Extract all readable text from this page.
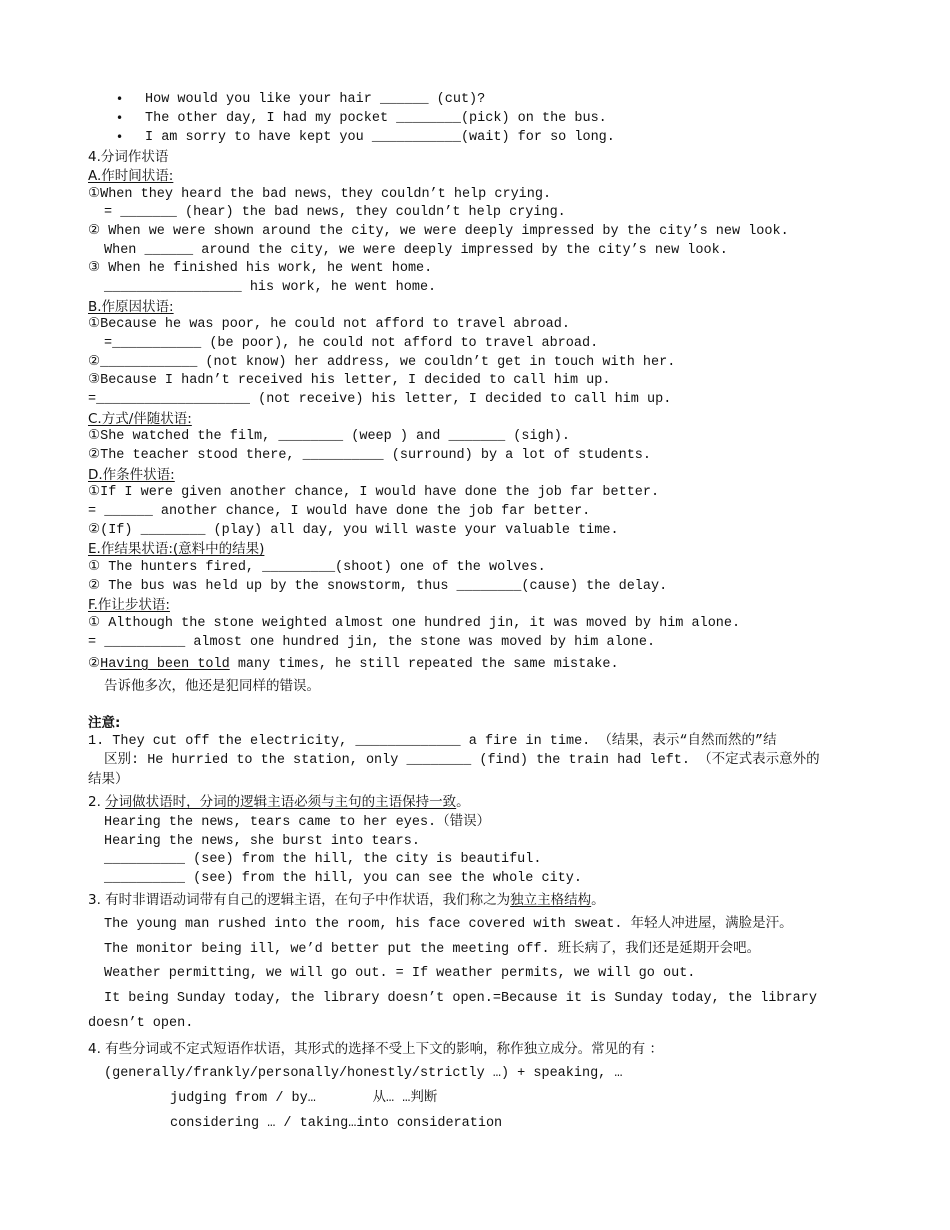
• How would you like your hair ______ (cut)?
• The other day, I had my pocket ________(pick) on the bus.
• I am sorry to have kept you ___________(wait) for so long.
4.分词作状语
A.作时间状语:
①When they heard the bad news，they couldn’t help crying.
= _______ (hear) the bad news, they couldn’t help crying.
② When we were shown around the city, we were deeply impressed by the city’s new look.
When ______ around the city, we were deeply impressed by the city’s new look.
③ When he finished his work, he went home.
_________________ his work, he went home.
B.作原因状语:
①Because he was poor, he could not afford to travel abroad.
=___________ (be poor), he could not afford to travel abroad.
②____________ (not know) her address, we couldn’t get in touch with her.
③Because I hadn’t received his letter, I decided to call him up.
=___________________ (not receive) his letter, I decided to call him up.
C.方式/伴随状语:
①She watched the film, ________ (weep ) and _______ (sigh).
②The teacher stood there, __________ (surround) by a lot of students.
D.作条件状语:
①If I were given another chance, I would have done the job far better.
= ______ another chance, I would have done the job far better.
②(If) ________ (play) all day, you will waste your valuable time.
E.作结果状语:(意料中的结果)
① The hunters fired, _________(shoot) one of the wolves.
② The bus was held up by the snowstorm, thus ________(cause) the delay.
F.作让步状语:
① Although the stone weighted almost one hundred jin, it was moved by him alone.
= __________ almost one hundred jin, the stone was moved by him alone.
②Having been told many times, he still repeated the same mistake.
告诉他多次，他还是犯同样的错误。
注意:
1. They cut off the electricity, _____________ a fire in time. （结果，表示“自然而然的”结
区别: He hurried to the station, only ________ (find) the train had left. （不定式表示意外的
结果）
2. 分词做状语时，分词的逻辑主语必须与主句的主语保持一致。
Hearing the news, tears came to her eyes.（错误）
Hearing the news, she burst into tears.
__________ (see) from the hill, the city is beautiful.
__________ (see) from the hill, you can see the whole city.
3. 有时非谓语动词带有自己的逻辑主语，在句子中作状语，我们称之为独立主格结构。
The young man rushed into the room, his face covered with sweat. 年轻人冲进屋，满脸是汗。
The monitor being ill, we’d better put the meeting off. 班长病了，我们还是延期开会吧。
Weather permitting, we will go out. = If weather permits, we will go out.
It being Sunday today, the library doesn’t open.=Because it is Sunday today, the library
doesn’t open.
4. 有些分词或不定式短语作状语，其形式的选择不受上下文的影响，称作独立成分。常见的有 ：
(generally/frankly/personally/honestly/strictly …) + speaking, …
judging from / by…       从… …判断
considering … / taking…into consideration
